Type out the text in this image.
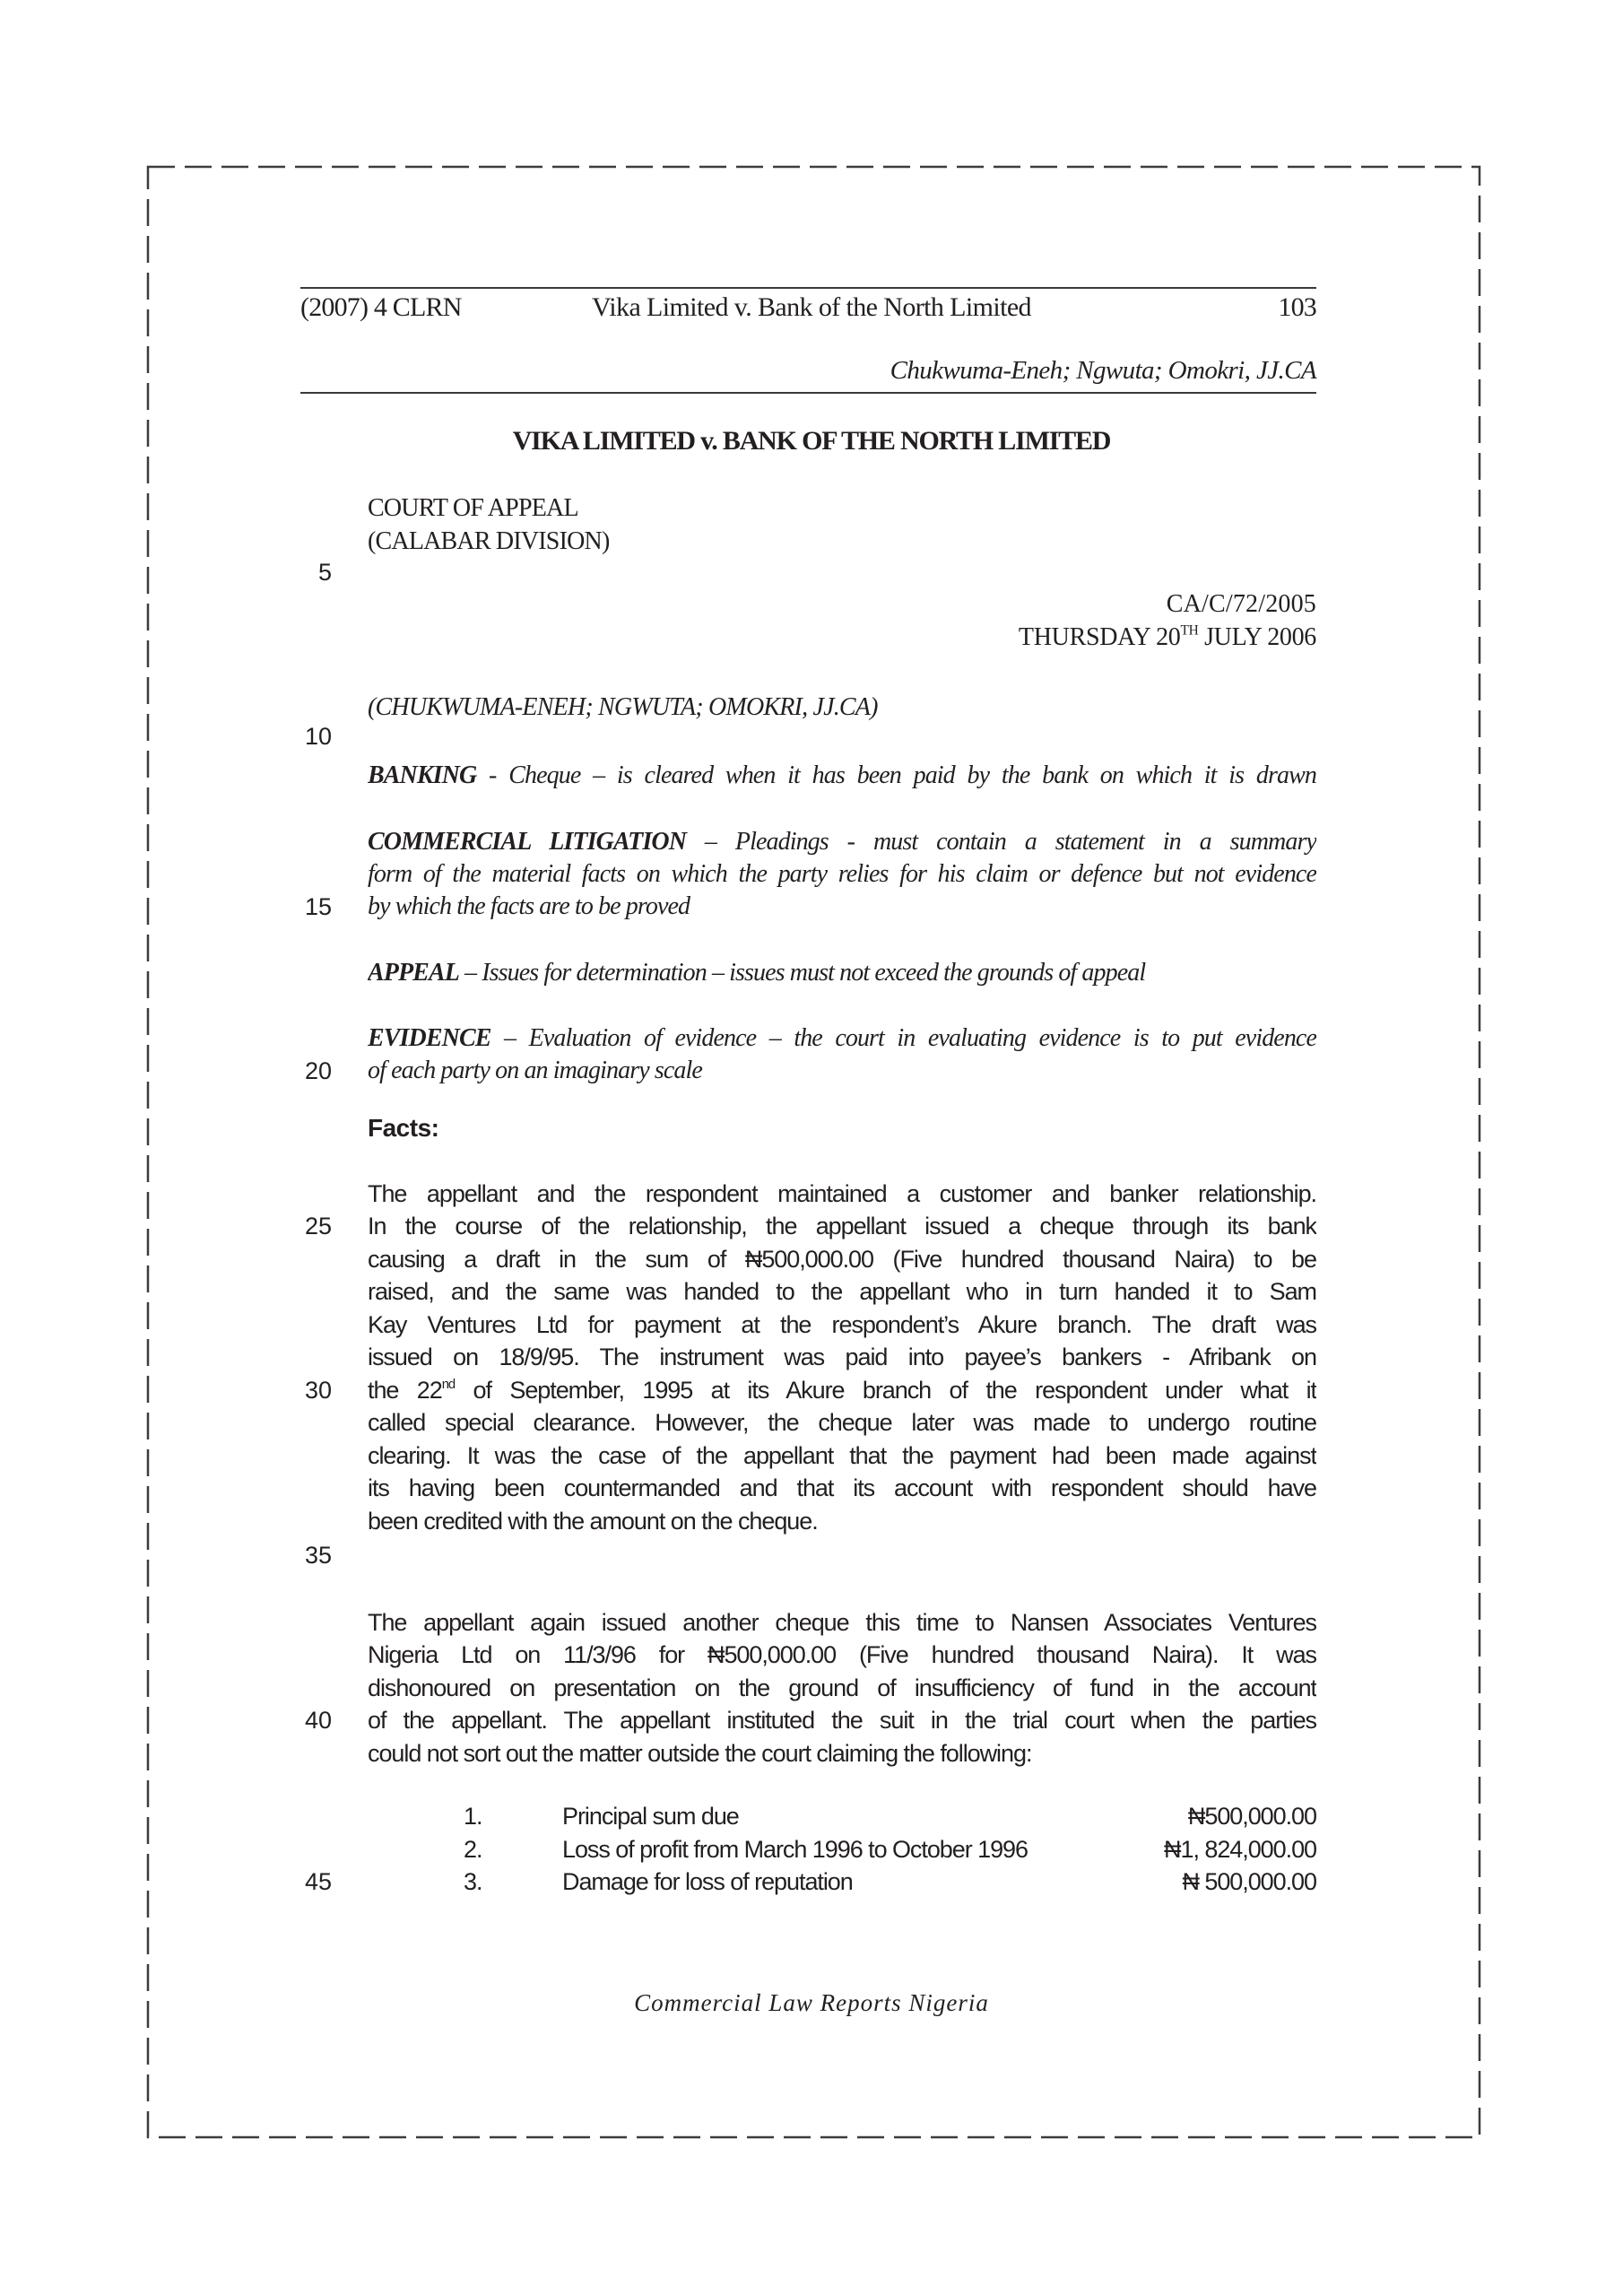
(2007) 4 CLRN	Vika Limited v. Bank of the North Limited	103
Chukwuma-Eneh; Ngwuta; Omokri, JJ.CA
VIKA LIMITED v. BANK OF THE NORTH LIMITED
COURT OF APPEAL
(CALABAR DIVISION)
CA/C/72/2005
THURSDAY 20TH JULY 2006
(CHUKWUMA-ENEH; NGWUTA; OMOKRI, JJ.CA)
5
10
15
20
25
30
35
40
45
BANKING - Cheque – is cleared when it has been paid by the bank on which it is drawn
COMMERCIAL LITIGATION – Pleadings - must contain a statement in a summary
form of the material facts on which the party relies for his claim or defence but not evidence
by which the facts are to be proved
APPEAL – Issues for determination – issues must not exceed the grounds of appeal
EVIDENCE – Evaluation of evidence – the court in evaluating evidence is to put evidence
of each party on an imaginary scale
Facts:
The appellant and the respondent maintained a customer and banker relationship.
In the course of the relationship, the appellant issued a cheque through its bank
causing a draft in the sum of ₦500,000.00 (Five hundred thousand Naira) to be
raised, and the same was handed to the appellant who in turn handed it to Sam
Kay Ventures Ltd for payment at the respondent’s Akure branch. The draft was
issued on 18/9/95. The instrument was paid into payee’s bankers - Afribank on
the 22nd of September, 1995 at its Akure branch of the respondent under what it
called special clearance. However, the cheque later was made to undergo routine
clearing. It was the case of the appellant that the payment had been made against
its having been countermanded and that its account with respondent should have
been credited with the amount on the cheque.
The appellant again issued another cheque this time to Nansen Associates Ventures
Nigeria Ltd on 11/3/96 for ₦500,000.00 (Five hundred thousand Naira). It was
dishonoured on presentation on the ground of insufficiency of fund in the account
of the appellant. The appellant instituted the suit in the trial court when the parties
could not sort out the matter outside the court claiming the following:
1.	Principal sum due	₦500,000.00
2.	Loss of profit from March 1996 to October 1996	₦1, 824,000.00
3.	Damage for loss of reputation	₦ 500,000.00
Commercial Law Reports Nigeria
